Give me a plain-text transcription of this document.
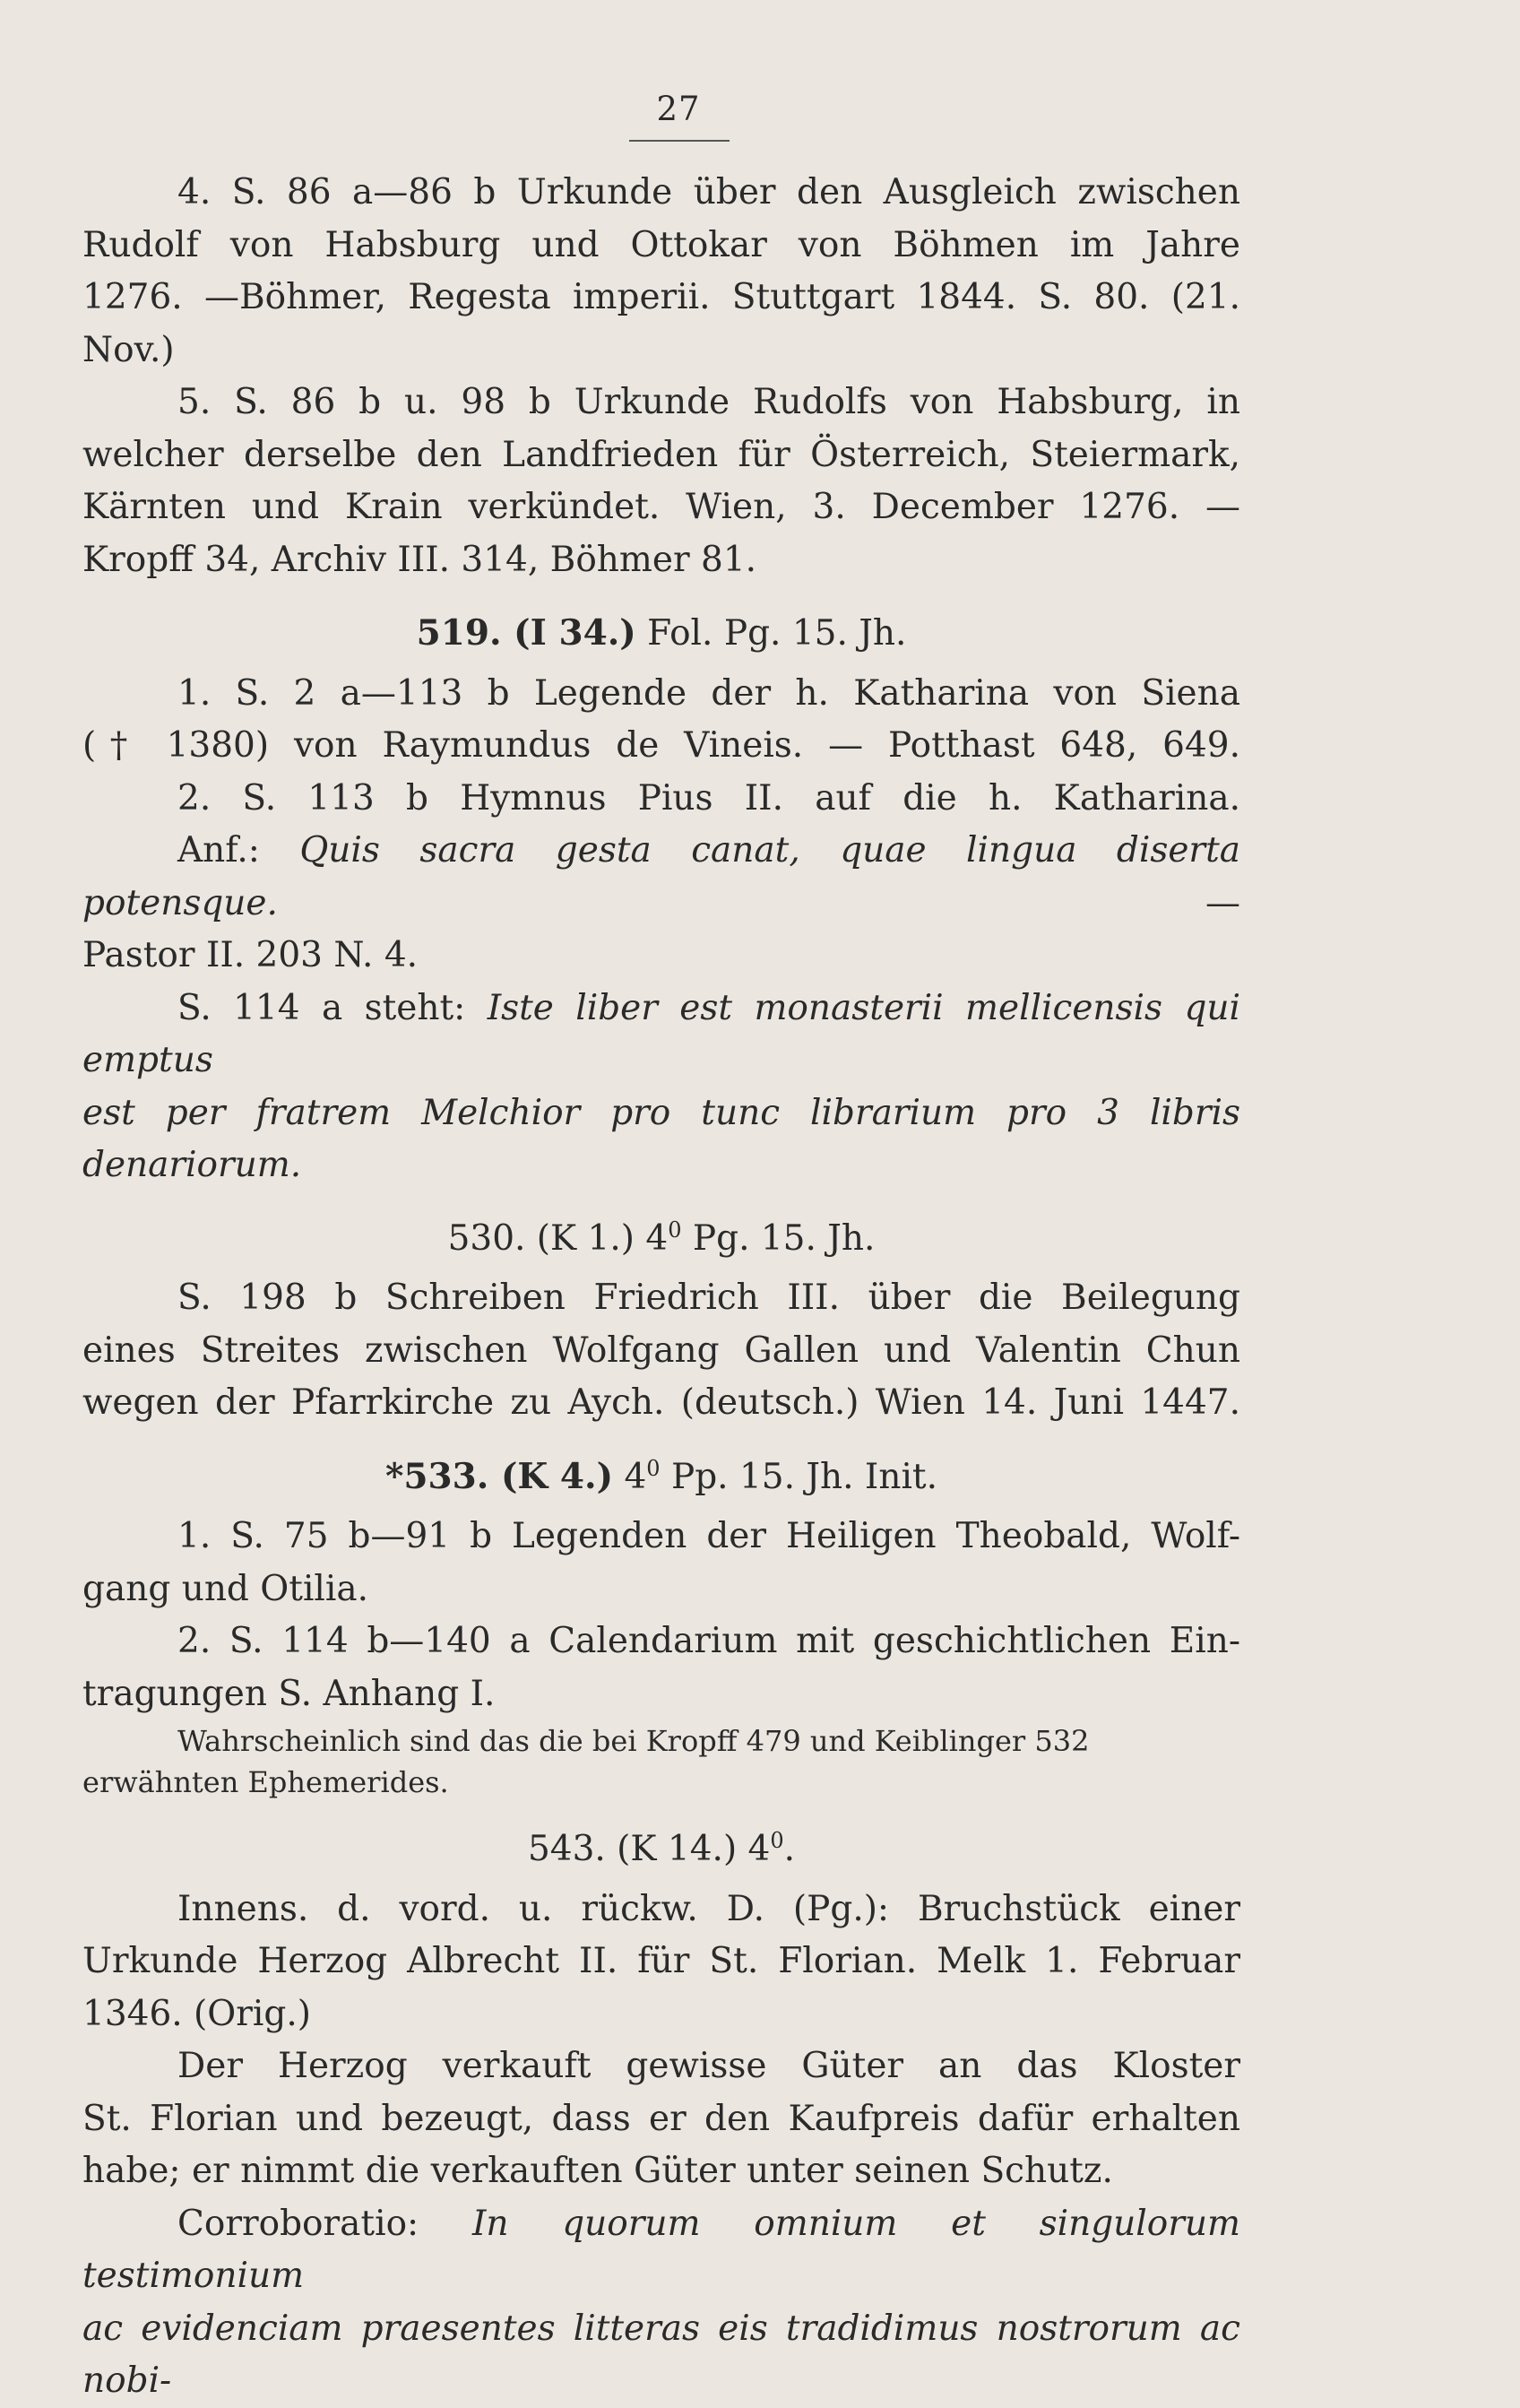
27

4. S. 86 a—86 b Urkunde über den Ausgleich zwischen

Rudolf von Habsburg und Ottokar von Böhmen im Jahre

1276. —Böhmer, Regesta imperii. Stuttgart 1844. S. 80. (21. Nov.)

5. S. 86 b u. 98 b Urkunde Rudolfs von Habsburg, in

welcher derselbe den Landfrieden für Österreich, Steiermark,

Kärnten und Krain verkündet. Wien, 3. December 1276. —

Kropff 34, Archiv III. 314, Böhmer 81.

519. (I 34.) Fol. Pg. 15. Jh.

1. S. 2 a—113 b Legende der h. Katharina von Siena

(† 1380) von Raymundus de Vineis. — Potthast 648, 649.

2. S. 113 b Hymnus Pius II. auf die h. Katharina.

Anf.: Quis sacra gesta canat, quae lingua diserta potensque. —

Pastor II. 203 N. 4.

S. 114 a steht: Iste liber est monasterii mellicensis qui emptus

est per fratrem Melchior pro tunc librarium pro 3 libris denariorum.

530. (K 1.) $4^0$ Pg. 15. Jh.

S. 198 b Schreiben Friedrich III. über die Beilegung

eines Streites zwischen Wolfgang Gallen und Valentin Chun

wegen der Pfarrkirche zu Aych. (deutsch.) Wien 14. Juni 1447.

*533. (K 4.) $4^0$ Pp. 15. Jh. Init.

1. S. 75 b—91 b Legenden der Heiligen Theobald, Wolf-

gang und Otilia.

2. S. 114 b—140 a Calendarium mit geschichtlichen Ein-

tragungen S. Anhang I.

Wahrscheinlich sind das die bei Kropff 479 und Keiblinger 532

erwähnten Ephemerides.

543. (K 14.) $4^0$.

Innens. d. vord. u. rückw. D. (Pg.): Bruchstück einer

Urkunde Herzog Albrecht II. für St. Florian. Melk 1. Februar

1346. (Orig.)

Der Herzog verkauft gewisse Güter an das Kloster

St. Florian und bezeugt, dass er den Kaufpreis dafür erhalten

habe; er nimmt die verkauften Güter unter seinen Schutz.

Corroboratio: In quorum omnium et singulorum testimonium

ac evidenciam praesentes litteras eis tradidimus nostrorum ac nobi-
